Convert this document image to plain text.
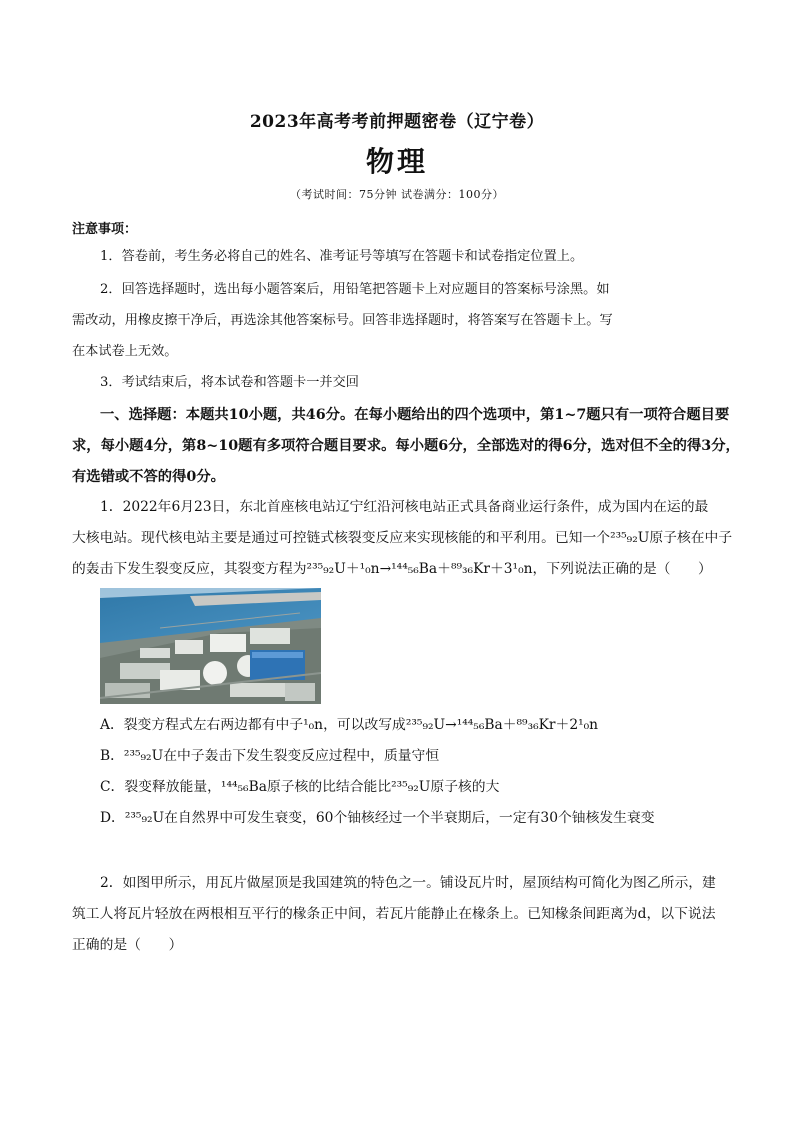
2023年高考考前押题密卷（辽宁卷）
物理
（考试时间：75分钟 试卷满分：100分）
注意事项：
1．答卷前，考生务必将自己的姓名、准考证号等填写在答题卡和试卷指定位置上。
2．回答选择题时，选出每小题答案后，用铅笔把答题卡上对应题目的答案标号涂黑。如
需改动，用橡皮擦干净后，再选涂其他答案标号。回答非选择题时，将答案写在答题卡上。写
在本试卷上无效。
3．考试结束后，将本试卷和答题卡一并交回
一、选择题：本题共10小题，共46分。在每小题给出的四个选项中，第1~7题只有一项符合题目要
求，每小题4分，第8~10题有多项符合题目要求。每小题6分，全部选对的得6分，选对但不全的得3分，
有选错或不答的得0分。
1．2022年6月23日，东北首座核电站辽宁红沿河核电站正式具备商业运行条件，成为国内在运的最
大核电站。现代核电站主要是通过可控链式核裂变反应来实现核能的和平利用。已知一个²³⁵₉₂U原子核在中子
的轰击下发生裂变反应，其裂变方程为²³⁵₉₂U＋¹₀n→¹⁴⁴₅₆Ba＋⁸⁹₃₆Kr＋3¹₀n，下列说法正确的是（　　）
A．裂变方程式左右两边都有中子¹₀n，可以改写成²³⁵₉₂U→¹⁴⁴₅₆Ba＋⁸⁹₃₆Kr＋2¹₀n
B．²³⁵₉₂U在中子轰击下发生裂变反应过程中，质量守恒
C．裂变释放能量，¹⁴⁴₅₆Ba原子核的比结合能比²³⁵₉₂U原子核的大
D．²³⁵₉₂U在自然界中可发生衰变，60个铀核经过一个半衰期后，一定有30个铀核发生衰变
2．如图甲所示，用瓦片做屋顶是我国建筑的特色之一。铺设瓦片时，屋顶结构可简化为图乙所示，建
筑工人将瓦片轻放在两根相互平行的椽条正中间，若瓦片能静止在椽条上。已知椽条间距离为d，以下说法
正确的是（　　）
